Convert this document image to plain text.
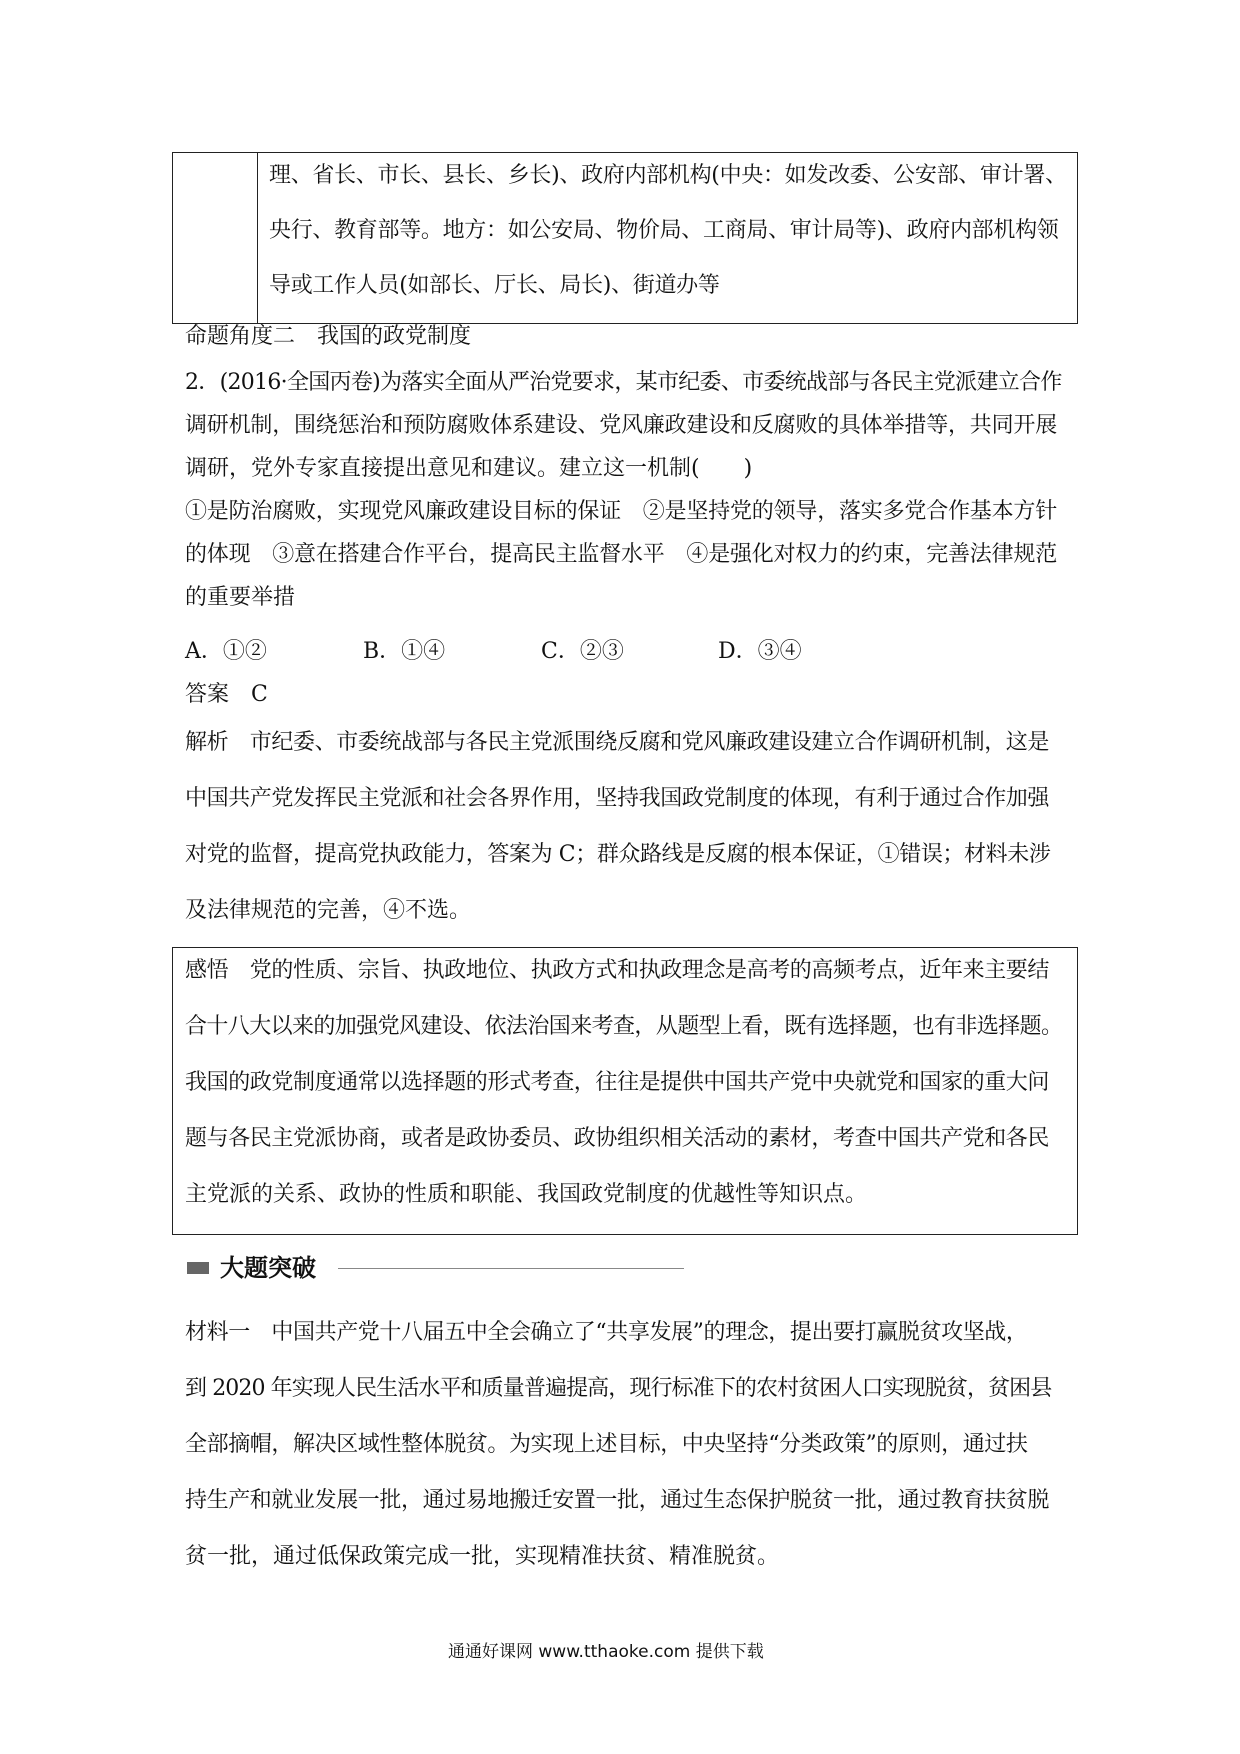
理、省长、市长、县长、乡长)、政府内部机构(中央：如发改委、公安部、审计署、
央行、教育部等。地方：如公安局、物价局、工商局、审计局等)、政府内部机构领
导或工作人员(如部长、厅长、局长)、街道办等
命题角度二　我国的政党制度
2．(2016·全国丙卷)为落实全面从严治党要求，某市纪委、市委统战部与各民主党派建立合作
调研机制，围绕惩治和预防腐败体系建设、党风廉政建设和反腐败的具体举措等，共同开展
调研，党外专家直接提出意见和建议。建立这一机制(　　)
①是防治腐败，实现党风廉政建设目标的保证　②是坚持党的领导，落实多党合作基本方针
的体现　③意在搭建合作平台，提高民主监督水平　④是强化对权力的约束，完善法律规范
的重要举措
A．①②	B．①④	C．②③	D．③④
答案　C
解析　市纪委、市委统战部与各民主党派围绕反腐和党风廉政建设建立合作调研机制，这是
中国共产党发挥民主党派和社会各界作用，坚持我国政党制度的体现，有利于通过合作加强
对党的监督，提高党执政能力，答案为 C；群众路线是反腐的根本保证，①错误；材料未涉
及法律规范的完善，④不选。
感悟　党的性质、宗旨、执政地位、执政方式和执政理念是高考的高频考点，近年来主要结
合十八大以来的加强党风建设、依法治国来考查，从题型上看，既有选择题，也有非选择题。
我国的政党制度通常以选择题的形式考查，往往是提供中国共产党中央就党和国家的重大问
题与各民主党派协商，或者是政协委员、政协组织相关活动的素材，考查中国共产党和各民
主党派的关系、政协的性质和职能、我国政党制度的优越性等知识点。
大题突破
材料一　中国共产党十八届五中全会确立了“共享发展”的理念，提出要打赢脱贫攻坚战，
到 2020 年实现人民生活水平和质量普遍提高，现行标准下的农村贫困人口实现脱贫，贫困县
全部摘帽，解决区域性整体脱贫。为实现上述目标，中央坚持“分类政策”的原则，通过扶
持生产和就业发展一批，通过易地搬迁安置一批，通过生态保护脱贫一批，通过教育扶贫脱
贫一批，通过低保政策完成一批，实现精准扶贫、精准脱贫。
通通好课网 www.tthaoke.com 提供下载
